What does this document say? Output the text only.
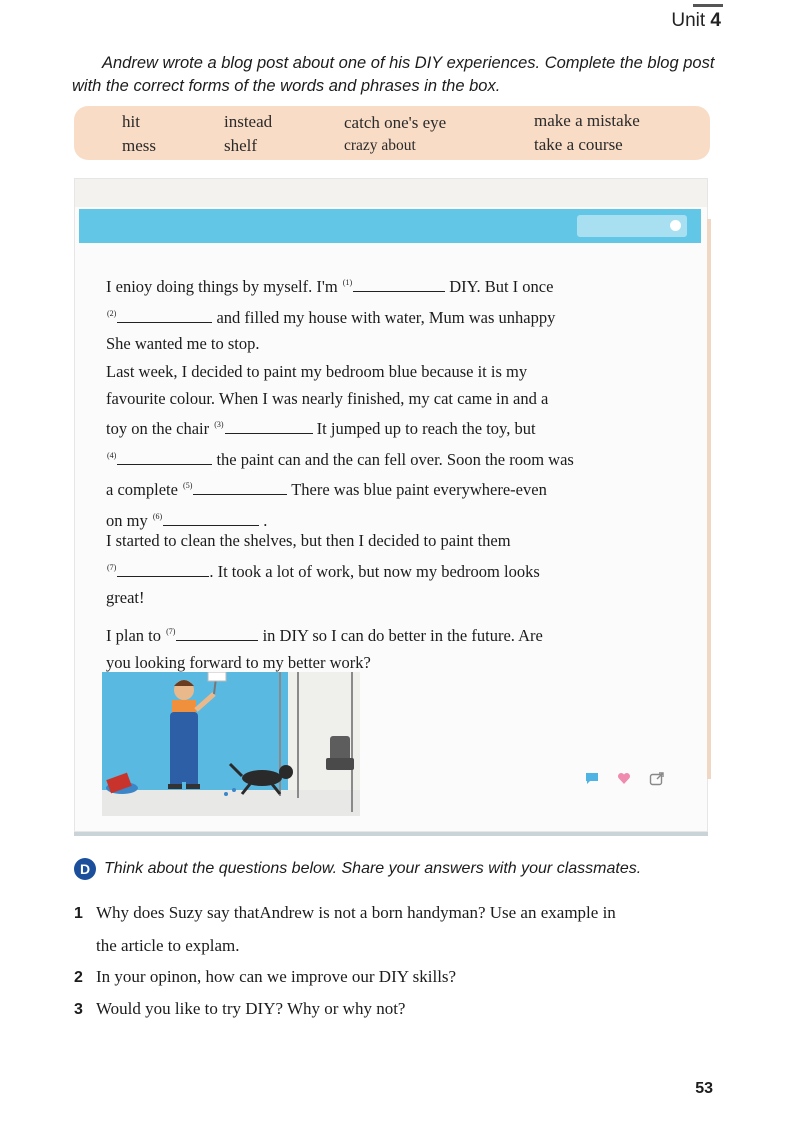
Unit 4
Andrew wrote a blog post about one of his DIY experiences. Complete the blog post
with the correct forms of the words and phrases in the box.
hit	instead	catch one's eye	make a mistake
mess	shelf	crazy about	take a course
I enioy doing things by myself. I'm $^{(1)}$	DIY. But I once
$^{(2)}$	and filled my house with water, Mum was unhappy
She wanted me to stop.
Last week, I decided to paint my bedroom blue because it is my
favourite colour. When I was nearly finished, my cat came in and a
toy on the chair $^{(3)}$	It jumped up to reach the toy, but
$^{(4)}$	the paint can and the can fell over. Soon the room was
a complete $^{(5)}$	There was blue paint everywhere-even
on my $^{(6)}$	.
I started to clean the shelves, but then I decided to paint them
$^{(7)}$	. It took a lot of work, but now my bedroom looks
great!
I plan to $^{(7)}$	in DIY so I can do better in the future. Are
you looking forward to my better work?
D Think about the questions below. Share your answers with your classmates.
1 Why does Suzy say thatAndrew is not a born handyman? Use an example in
the article to explam.
2 In your opinon, how can we improve our DIY skills?
3 Would you like to try DIY? Why or why not?
53
